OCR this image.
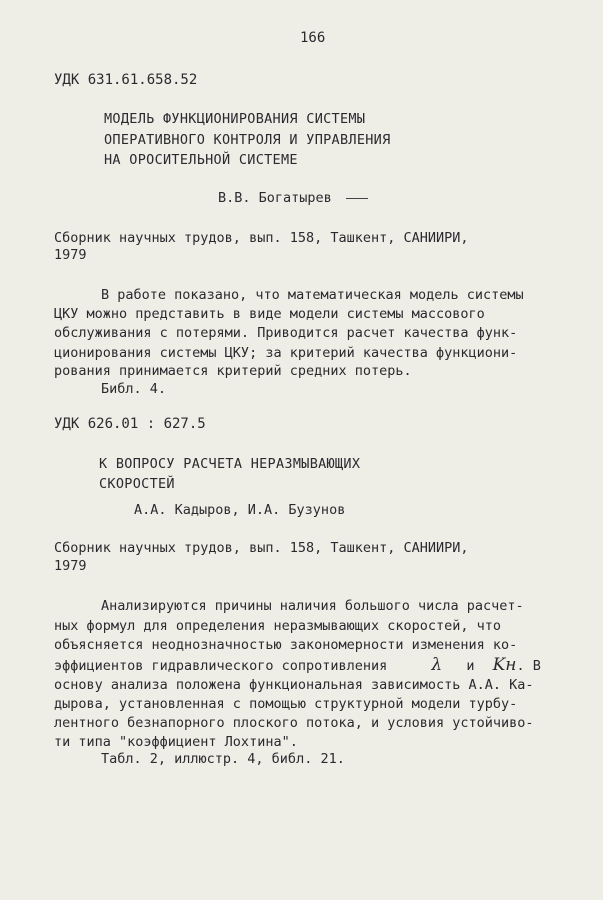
166

УДК 631.61.658.52

МОДЕЛЬ ФУНКЦИОНИРОВАНИЯ СИСТЕМЫ

ОПЕРАТИВНОГО КОНТРОЛЯ И УПРАВЛЕНИЯ

НА ОРОСИТЕЛЬНОЙ СИСТЕМЕ

В.В. Богатырев

Сборник научных трудов, вып. 158, Ташкент, САНИИРИ,

1979

В работе показано, что математическая модель системы

ЦКУ можно представить в виде модели системы массового

обслуживания с потерями. Приводится расчет качества функ-

ционирования системы ЦКУ; за критерий качества функциони-

рования принимается критерий средних потерь.

Библ. 4.

УДК 626.01 : 627.5

К ВОПРОСУ РАСЧЕТА НЕРАЗМЫВАЮЩИХ

СКОРОСТЕЙ

А.А. Кадыров, И.А. Бузунов

Сборник научных трудов, вып. 158, Ташкент, САНИИРИ,

1979

Анализируются причины наличия большого числа расчет-

ных формул для определения неразмывающих скоростей, что

объясняется неоднозначностью закономерности изменения ко-

эффициентов гидравлического сопротивления	λ и Kн. В

основу анализа положена функциональная зависимость А.А. Ка-

дырова, установленная с помощью структурной модели турбу-

лентного безнапорного плоского потока, и условия устойчиво-

ти типа "коэффициент Лохтина".

Табл. 2, иллюстр. 4, библ. 21.
